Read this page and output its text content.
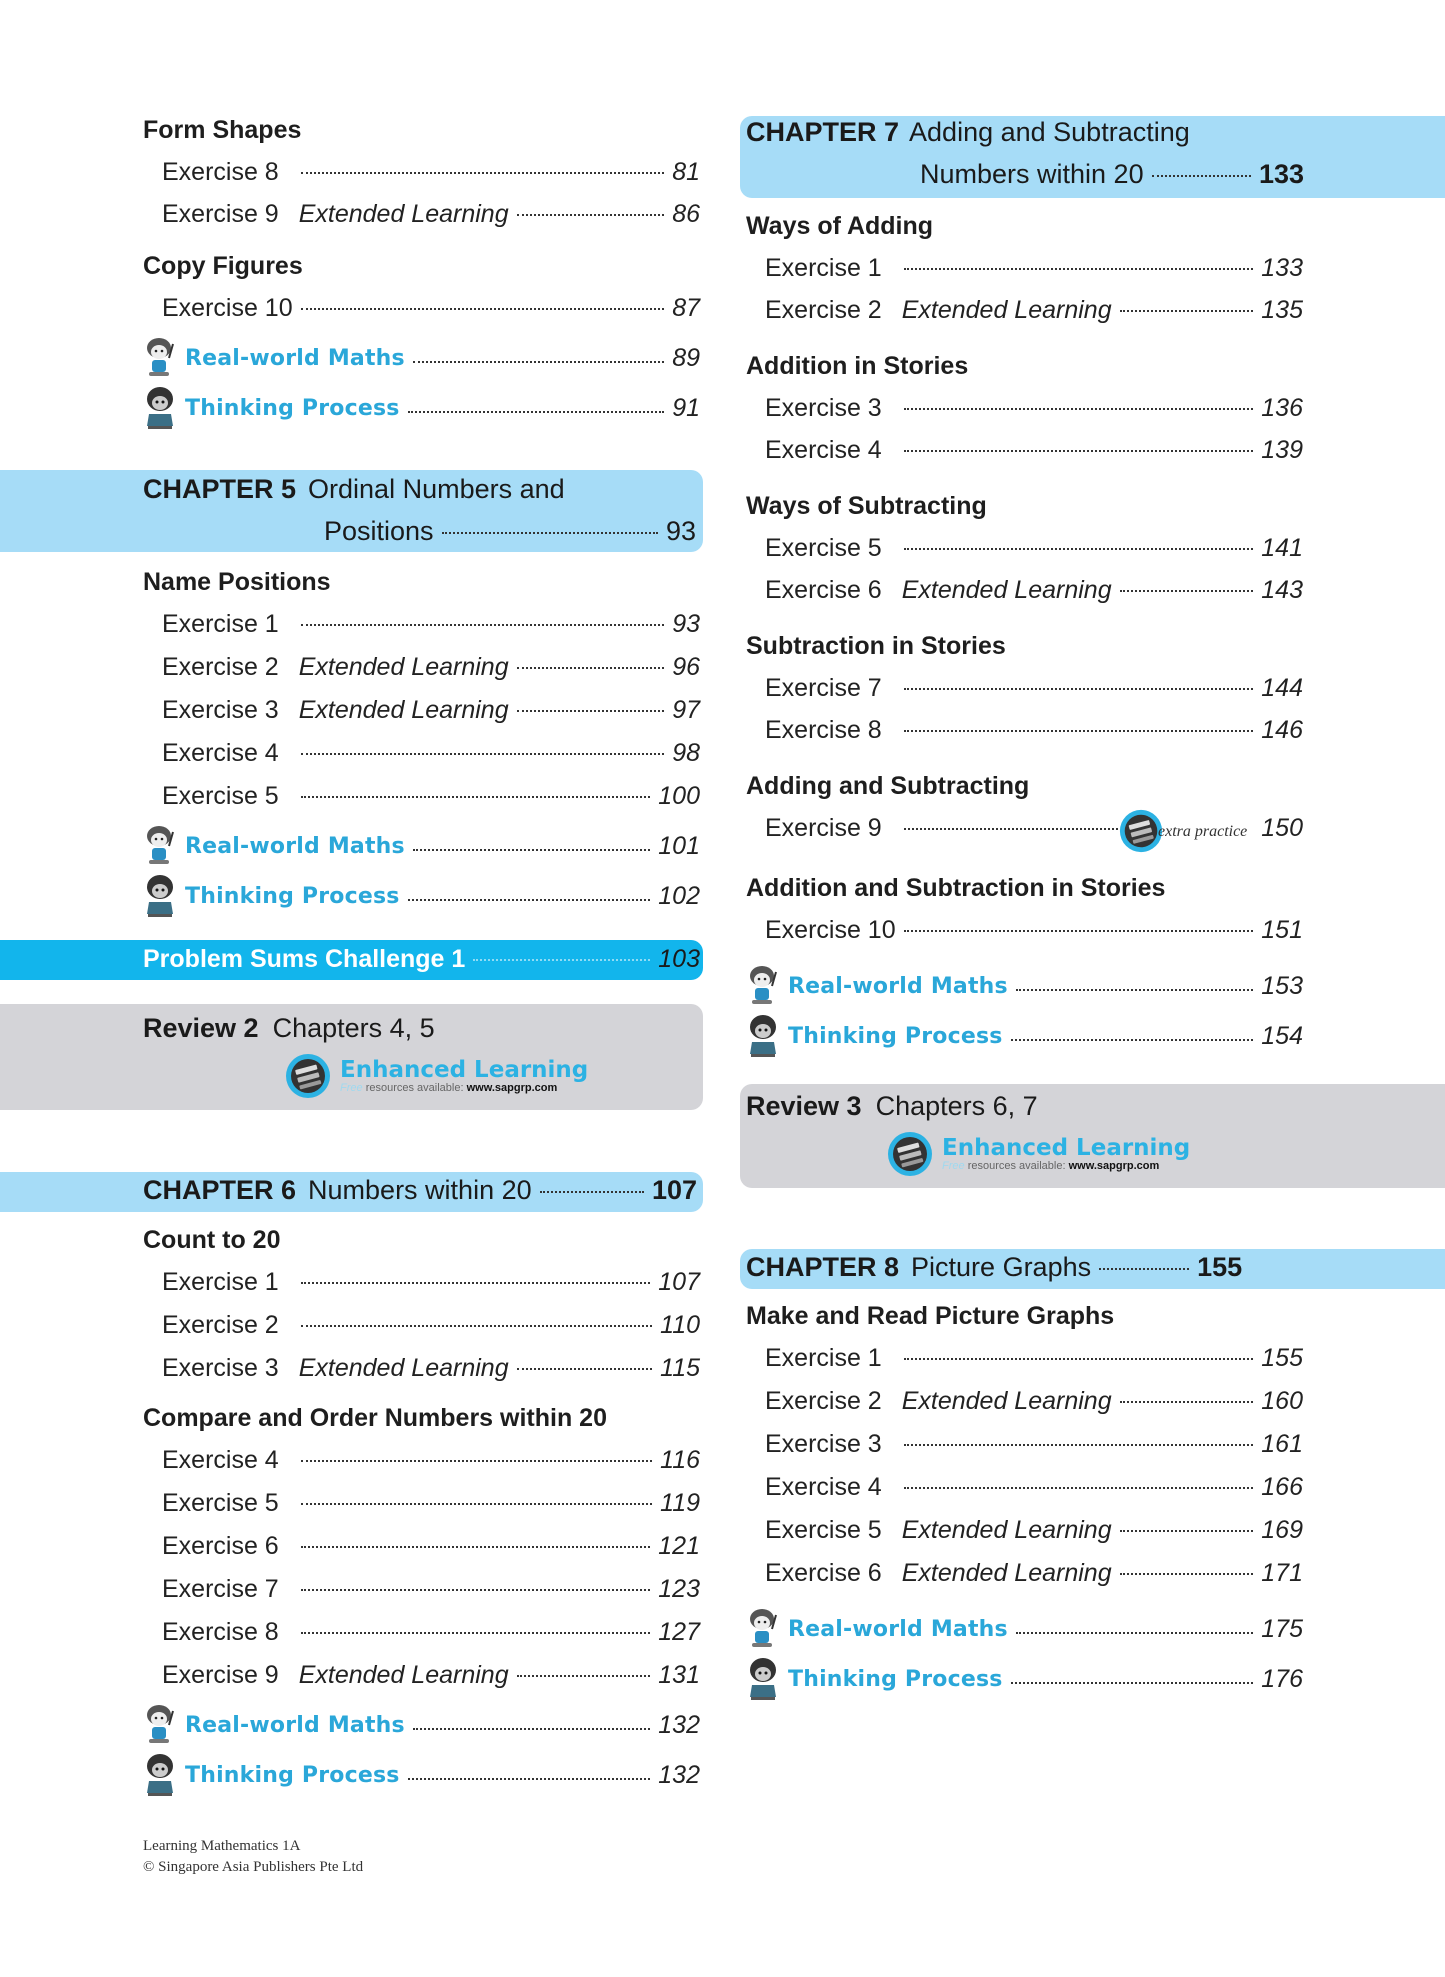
Form Shapes
Exercise 8	81
Exercise 9 Extended Learning	86
Copy Figures
Exercise 10	87
Real-world Maths	89
Thinking Process	91
CHAPTER 5 Ordinal Numbers and
Positions	93
Name Positions
Exercise 1	93
Exercise 2 Extended Learning	96
Exercise 3 Extended Learning	97
Exercise 4	98
Exercise 5	100
Real-world Maths	101
Thinking Process	102
Problem Sums Challenge 1	103
Review 2 Chapters 4, 5
Enhanced Learning
Free resources available: www.sapgrp.com
CHAPTER 6 Numbers within 20	107
Count to 20
Exercise 1	107
Exercise 2	110
Exercise 3 Extended Learning	115
Compare and Order Numbers within 20
Exercise 4	116
Exercise 5	119
Exercise 6	121
Exercise 7	123
Exercise 8	127
Exercise 9 Extended Learning	131
Real-world Maths	132
Thinking Process	132
CHAPTER 7 Adding and Subtracting
Numbers within 20	133
Ways of Adding
Exercise 1	133
Exercise 2 Extended Learning	135
Addition in Stories
Exercise 3	136
Exercise 4	139
Ways of Subtracting
Exercise 5	141
Exercise 6 Extended Learning	143
Subtraction in Stories
Exercise 7	144
Exercise 8	146
Adding and Subtracting
Exercise 9	extra practice 150
Addition and Subtraction in Stories
Exercise 10	151
Real-world Maths	153
Thinking Process	154
Review 3 Chapters 6, 7
Enhanced Learning
Free resources available: www.sapgrp.com
CHAPTER 8 Picture Graphs	155
Make and Read Picture Graphs
Exercise 1	155
Exercise 2 Extended Learning	160
Exercise 3	161
Exercise 4	166
Exercise 5 Extended Learning	169
Exercise 6 Extended Learning	171
Real-world Maths	175
Thinking Process	176
Learning Mathematics 1A
© Singapore Asia Publishers Pte Ltd
